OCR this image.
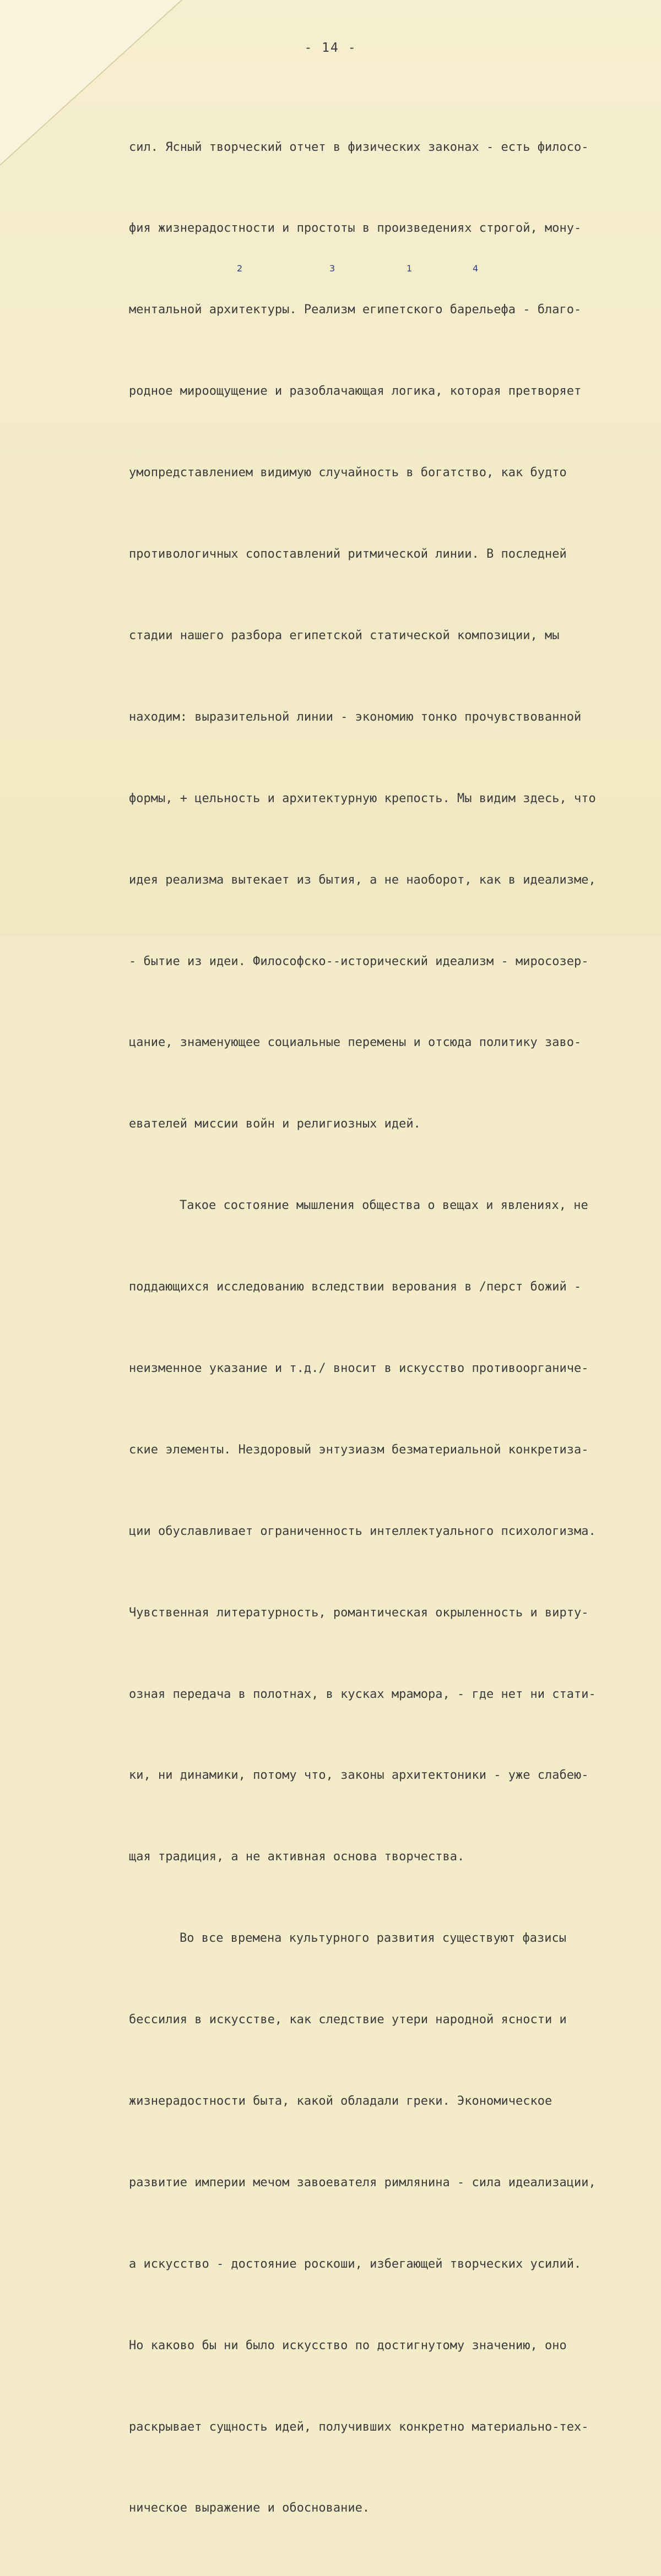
- 14 -

сил. Ясный творческий отчет в физических законах - есть филосо-

фия жизнерадостности и простоты в произведениях строгой, мону-

ментальной архитектуры. Реализм египетского барельефа - благо-

родное мироощущение и разоблачающая логика, которая претворяет

умопредставлением видимую случайность в богатство, как будто

противологичных сопоставлений ритмической линии. В последней

стадии нашего разбора египетской статической композиции, мы

находим: выразительной линии - экономию тонко прочувствованной

формы, + цельность и архитектурную крепость. Мы видим здесь, что

идея реализма вытекает из бытия, а не наоборот, как в идеализме,

- бытие из идеи. Философско--исторический идеализм - миросозер-

цание, знаменующее социальные перемены и отсюда политику заво-

евателей миссии войн и религиозных идей.

Такое состояние мышления общества о вещах и явлениях, не

поддающихся исследованию вследствии верования в /перст божий -

неизменное указание и т.д./ вносит в искусство противоорганиче-

ские элементы. Нездоровый энтузиазм безматериальной конкретиза-

ции обуславливает ограниченность интеллектуального психологизма.

Чувственная литературность, романтическая окрыленность и вирту-

озная передача в полотнах, в кусках мрамора, - где нет ни стати-

ки, ни динамики, потому что, законы архитектоники - уже слабею-

щая традиция, а не активная основа творчества.

Во все времена культурного развития существуют фазисы

бессилия в искусстве, как следствие утери народной ясности и

жизнерадостности быта, какой обладали греки. Экономическое

развитие империи мечом завоевателя римлянина - сила идеализации,

а искусство - достояние роскоши, избегающей творческих усилий.

Но каково бы ни было искусство по достигнутому значению, оно

раскрывает сущность идей, получивших конкретно материально-тех-

ническое выражение и обоснование.

2	3	1	4
